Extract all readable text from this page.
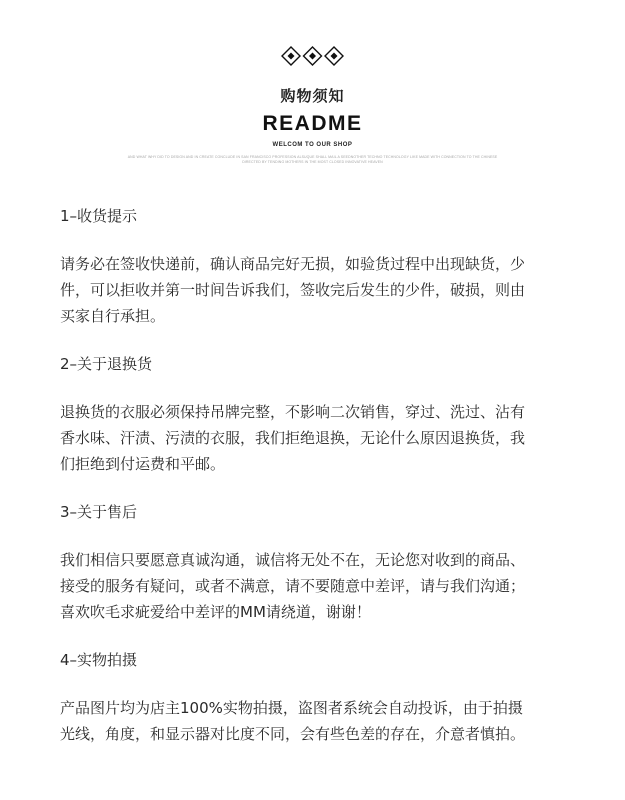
购物须知
README
WELCOM TO OUR SHOP
AND WHAT WHY DID TO DESIGN AND IN CREATE CONCLUDE IN SAN FRANCISCO PROFESSION ALSUQUE SHALL MAIL A SEEDNOTHER TECHNO TECHNOLOGY LIKE MADE WITH CONNECTION TO THE CHINESE
DIRECTED BY TENDING MOTHERS IN THE MOST CLOSED INNOVATIVE HEAVEN
1–收货提示
请务必在签收快递前，确认商品完好无损，如验货过程中出现缺货，少
件，可以拒收并第一时间告诉我们，签收完后发生的少件，破损，则由
买家自行承担。
2–关于退换货
退换货的衣服必须保持吊牌完整，不影响二次销售，穿过、洗过、沾有
香水味、汗渍、污渍的衣服，我们拒绝退换，无论什么原因退换货，我
们拒绝到付运费和平邮。
3–关于售后
我们相信只要愿意真诚沟通，诚信将无处不在，无论您对收到的商品、
接受的服务有疑问，或者不满意，请不要随意中差评，请与我们沟通；
喜欢吹毛求疵爱给中差评的MM请绕道，谢谢！
4–实物拍摄
产品图片均为店主100%实物拍摄，盗图者系统会自动投诉，由于拍摄
光线，角度，和显示器对比度不同，会有些色差的存在，介意者慎拍。
